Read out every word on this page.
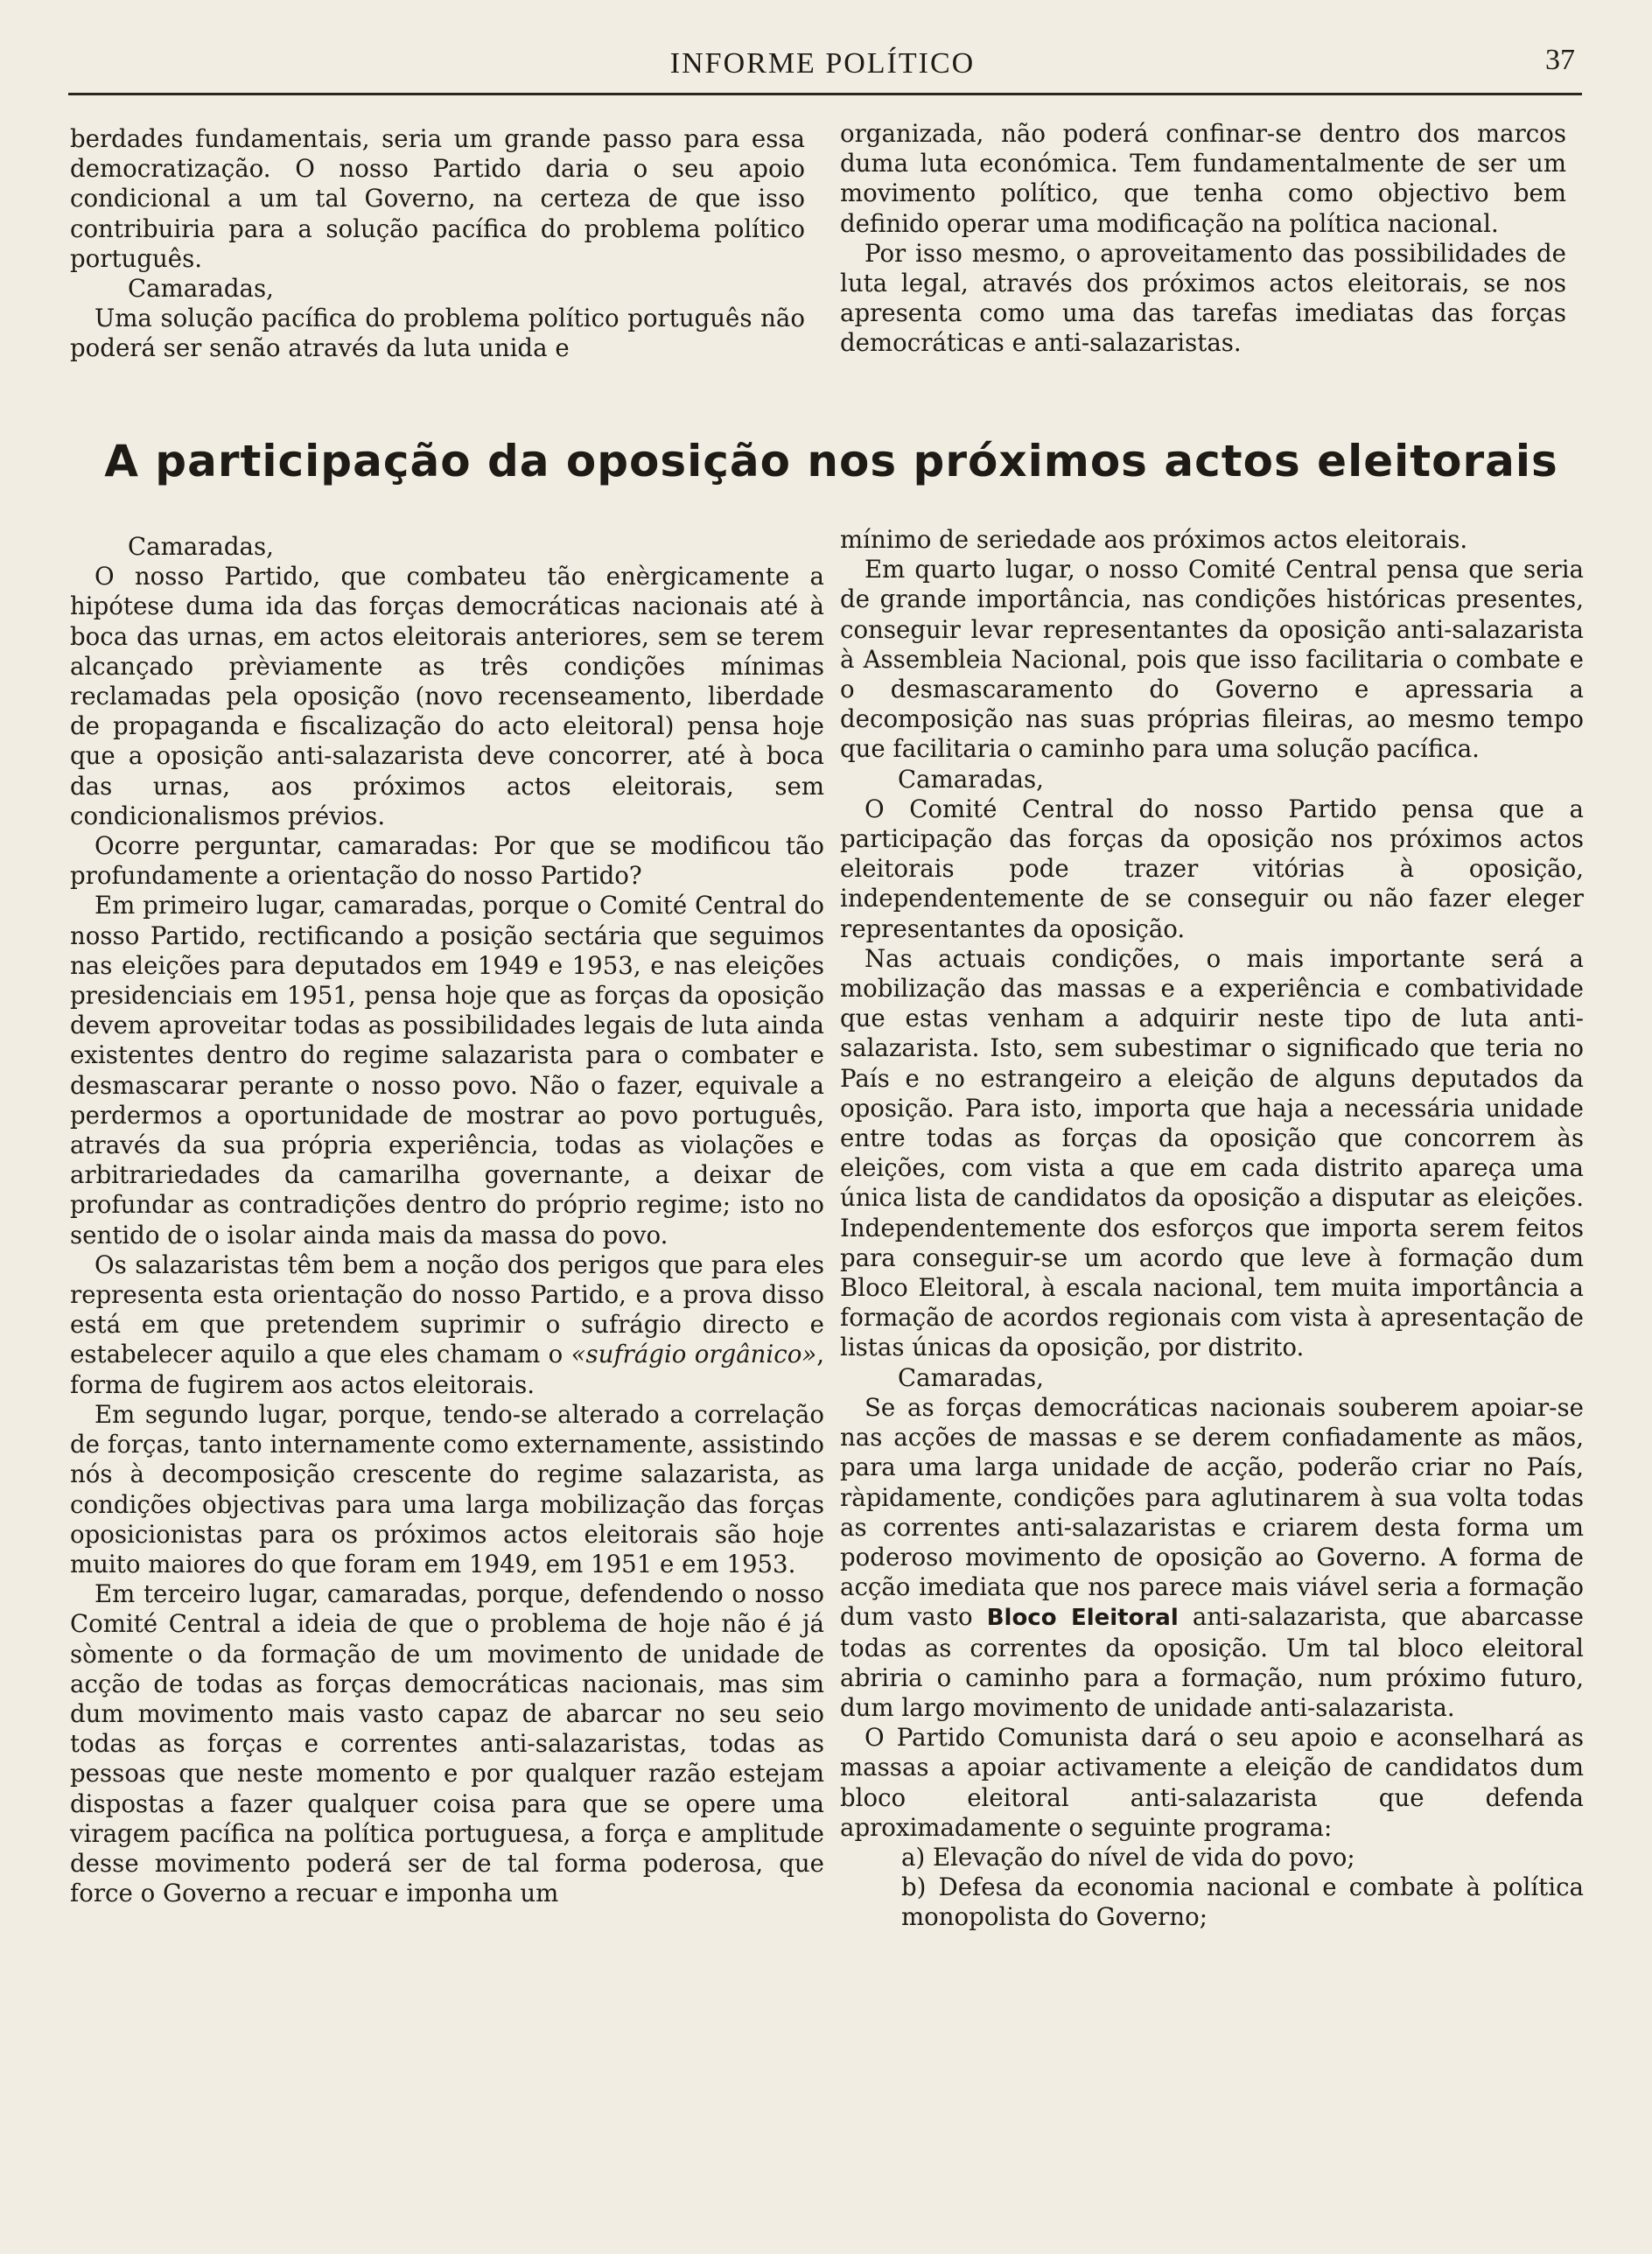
INFORME POLÍTICO	37

berdades fundamentais, seria um grande passo para essa democratização. O nosso Partido daria o seu apoio condicional a um tal Governo, na certeza de que isso contribuiria para a solução pacífica do problema político português.

Camaradas,

Uma solução pacífica do problema político português não poderá ser senão através da luta unida e

organizada, não poderá confinar-se dentro dos marcos duma luta económica. Tem fundamentalmente de ser um movimento político, que tenha como objectivo bem definido operar uma modificação na política nacional.

Por isso mesmo, o aproveitamento das possibilidades de luta legal, através dos próximos actos eleitorais, se nos apresenta como uma das tarefas imediatas das forças democráticas e anti-salazaristas.

A participação da oposição nos próximos actos eleitorais

Camaradas,

O nosso Partido, que combateu tão enèrgicamente a hipótese duma ida das forças democráticas nacionais até à boca das urnas, em actos eleitorais anteriores, sem se terem alcançado prèviamente as três condições mínimas reclamadas pela oposição (novo recenseamento, liberdade de propaganda e fiscalização do acto eleitoral) pensa hoje que a oposição anti-salazarista deve concorrer, até à boca das urnas, aos próximos actos eleitorais, sem condicionalismos prévios.

Ocorre perguntar, camaradas: Por que se modificou tão profundamente a orientação do nosso Partido?

Em primeiro lugar, camaradas, porque o Comité Central do nosso Partido, rectificando a posição sectária que seguimos nas eleições para deputados em 1949 e 1953, e nas eleições presidenciais em 1951, pensa hoje que as forças da oposição devem aproveitar todas as possibilidades legais de luta ainda existentes dentro do regime salazarista para o combater e desmascarar perante o nosso povo. Não o fazer, equivale a perdermos a oportunidade de mostrar ao povo português, através da sua própria experiência, todas as violações e arbitrariedades da camarilha governante, a deixar de profundar as contradições dentro do próprio regime; isto no sentido de o isolar ainda mais da massa do povo.

Os salazaristas têm bem a noção dos perigos que para eles representa esta orientação do nosso Partido, e a prova disso está em que pretendem suprimir o sufrágio directo e estabelecer aquilo a que eles chamam o «sufrágio orgânico», forma de fugirem aos actos eleitorais.

Em segundo lugar, porque, tendo-se alterado a correlação de forças, tanto internamente como externamente, assistindo nós à decomposição crescente do regime salazarista, as condições objectivas para uma larga mobilização das forças oposicionistas para os próximos actos eleitorais são hoje muito maiores do que foram em 1949, em 1951 e em 1953.

Em terceiro lugar, camaradas, porque, defendendo o nosso Comité Central a ideia de que o problema de hoje não é já sòmente o da formação de um movimento de unidade de acção de todas as forças democráticas nacionais, mas sim dum movimento mais vasto capaz de abarcar no seu seio todas as forças e correntes anti-salazaristas, todas as pessoas que neste momento e por qualquer razão estejam dispostas a fazer qualquer coisa para que se opere uma viragem pacífica na política portuguesa, a força e amplitude desse movimento poderá ser de tal forma poderosa, que force o Governo a recuar e imponha um

mínimo de seriedade aos próximos actos eleitorais.

Em quarto lugar, o nosso Comité Central pensa que seria de grande importância, nas condições históricas presentes, conseguir levar representantes da oposição anti-salazarista à Assembleia Nacional, pois que isso facilitaria o combate e o desmascaramento do Governo e apressaria a decomposição nas suas próprias fileiras, ao mesmo tempo que facilitaria o caminho para uma solução pacífica.

Camaradas,

O Comité Central do nosso Partido pensa que a participação das forças da oposição nos próximos actos eleitorais pode trazer vitórias à oposição, independentemente de se conseguir ou não fazer eleger representantes da oposição.

Nas actuais condições, o mais importante será a mobilização das massas e a experiência e combatividade que estas venham a adquirir neste tipo de luta anti-salazarista. Isto, sem subestimar o significado que teria no País e no estrangeiro a eleição de alguns deputados da oposição. Para isto, importa que haja a necessária unidade entre todas as forças da oposição que concorrem às eleições, com vista a que em cada distrito apareça uma única lista de candidatos da oposição a disputar as eleições. Independentemente dos esforços que importa serem feitos para conseguir-se um acordo que leve à formação dum Bloco Eleitoral, à escala nacional, tem muita importância a formação de acordos regionais com vista à apresentação de listas únicas da oposição, por distrito.

Camaradas,

Se as forças democráticas nacionais souberem apoiar-se nas acções de massas e se derem confiadamente as mãos, para uma larga unidade de acção, poderão criar no País, ràpidamente, condições para aglutinarem à sua volta todas as correntes anti-salazaristas e criarem desta forma um poderoso movimento de oposição ao Governo. A forma de acção imediata que nos parece mais viável seria a formação dum vasto Bloco Eleitoral anti-salazarista, que abarcasse todas as correntes da oposição. Um tal bloco eleitoral abriria o caminho para a formação, num próximo futuro, dum largo movimento de unidade anti-salazarista.

O Partido Comunista dará o seu apoio e aconselhará as massas a apoiar activamente a eleição de candidatos dum bloco eleitoral anti-salazarista que defenda aproximadamente o seguinte programa:

a) Elevação do nível de vida do povo;

b) Defesa da economia nacional e combate à política monopolista do Governo;
